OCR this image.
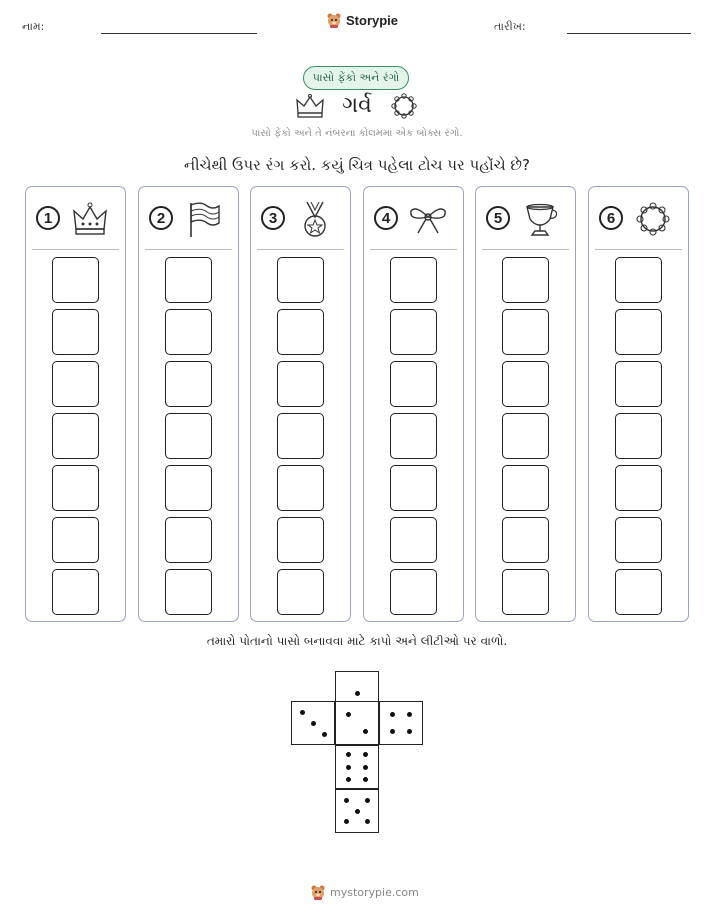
નામ:	Storypie	તારીખ:
પાસો ફેંકો અને રંગો
ગર્વ
પાસો ફેંકો અને તે નંબરના કોલમમાં એક બોક્સ રંગો.
નીચેથી ઉપર રંગ કરો. કયું ચિત્ર પહેલા ટોચ પર પહોંચે છે?
1	2	3	4	5	6
તમારો પોતાનો પાસો બનાવવા માટે કાપો અને લીટીઓ પર વાળો.
mystorypie.com
